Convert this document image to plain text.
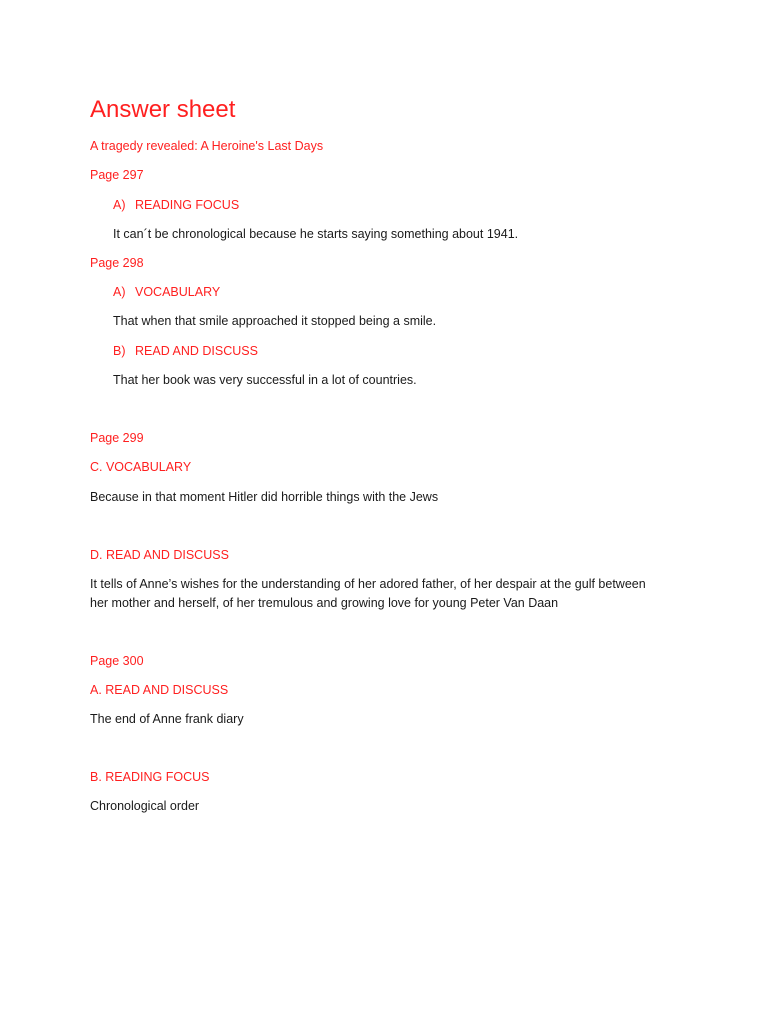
Answer sheet
A tragedy revealed: A Heroine's Last Days
Page 297
A) READING FOCUS
It can´t be chronological because he starts saying something about 1941.
Page 298
A) VOCABULARY
That when that smile approached it stopped being a smile.
B) READ AND DISCUSS
That her book was very successful in a lot of countries.
Page 299
C. VOCABULARY
Because in that moment Hitler did horrible things with the Jews
D. READ AND DISCUSS
It tells of Anne’s wishes for the understanding of her adored father, of her despair at the gulf between
her mother and herself, of her tremulous and growing love for young Peter Van Daan
Page 300
A. READ AND DISCUSS
The end of Anne frank diary
B. READING FOCUS
Chronological order
